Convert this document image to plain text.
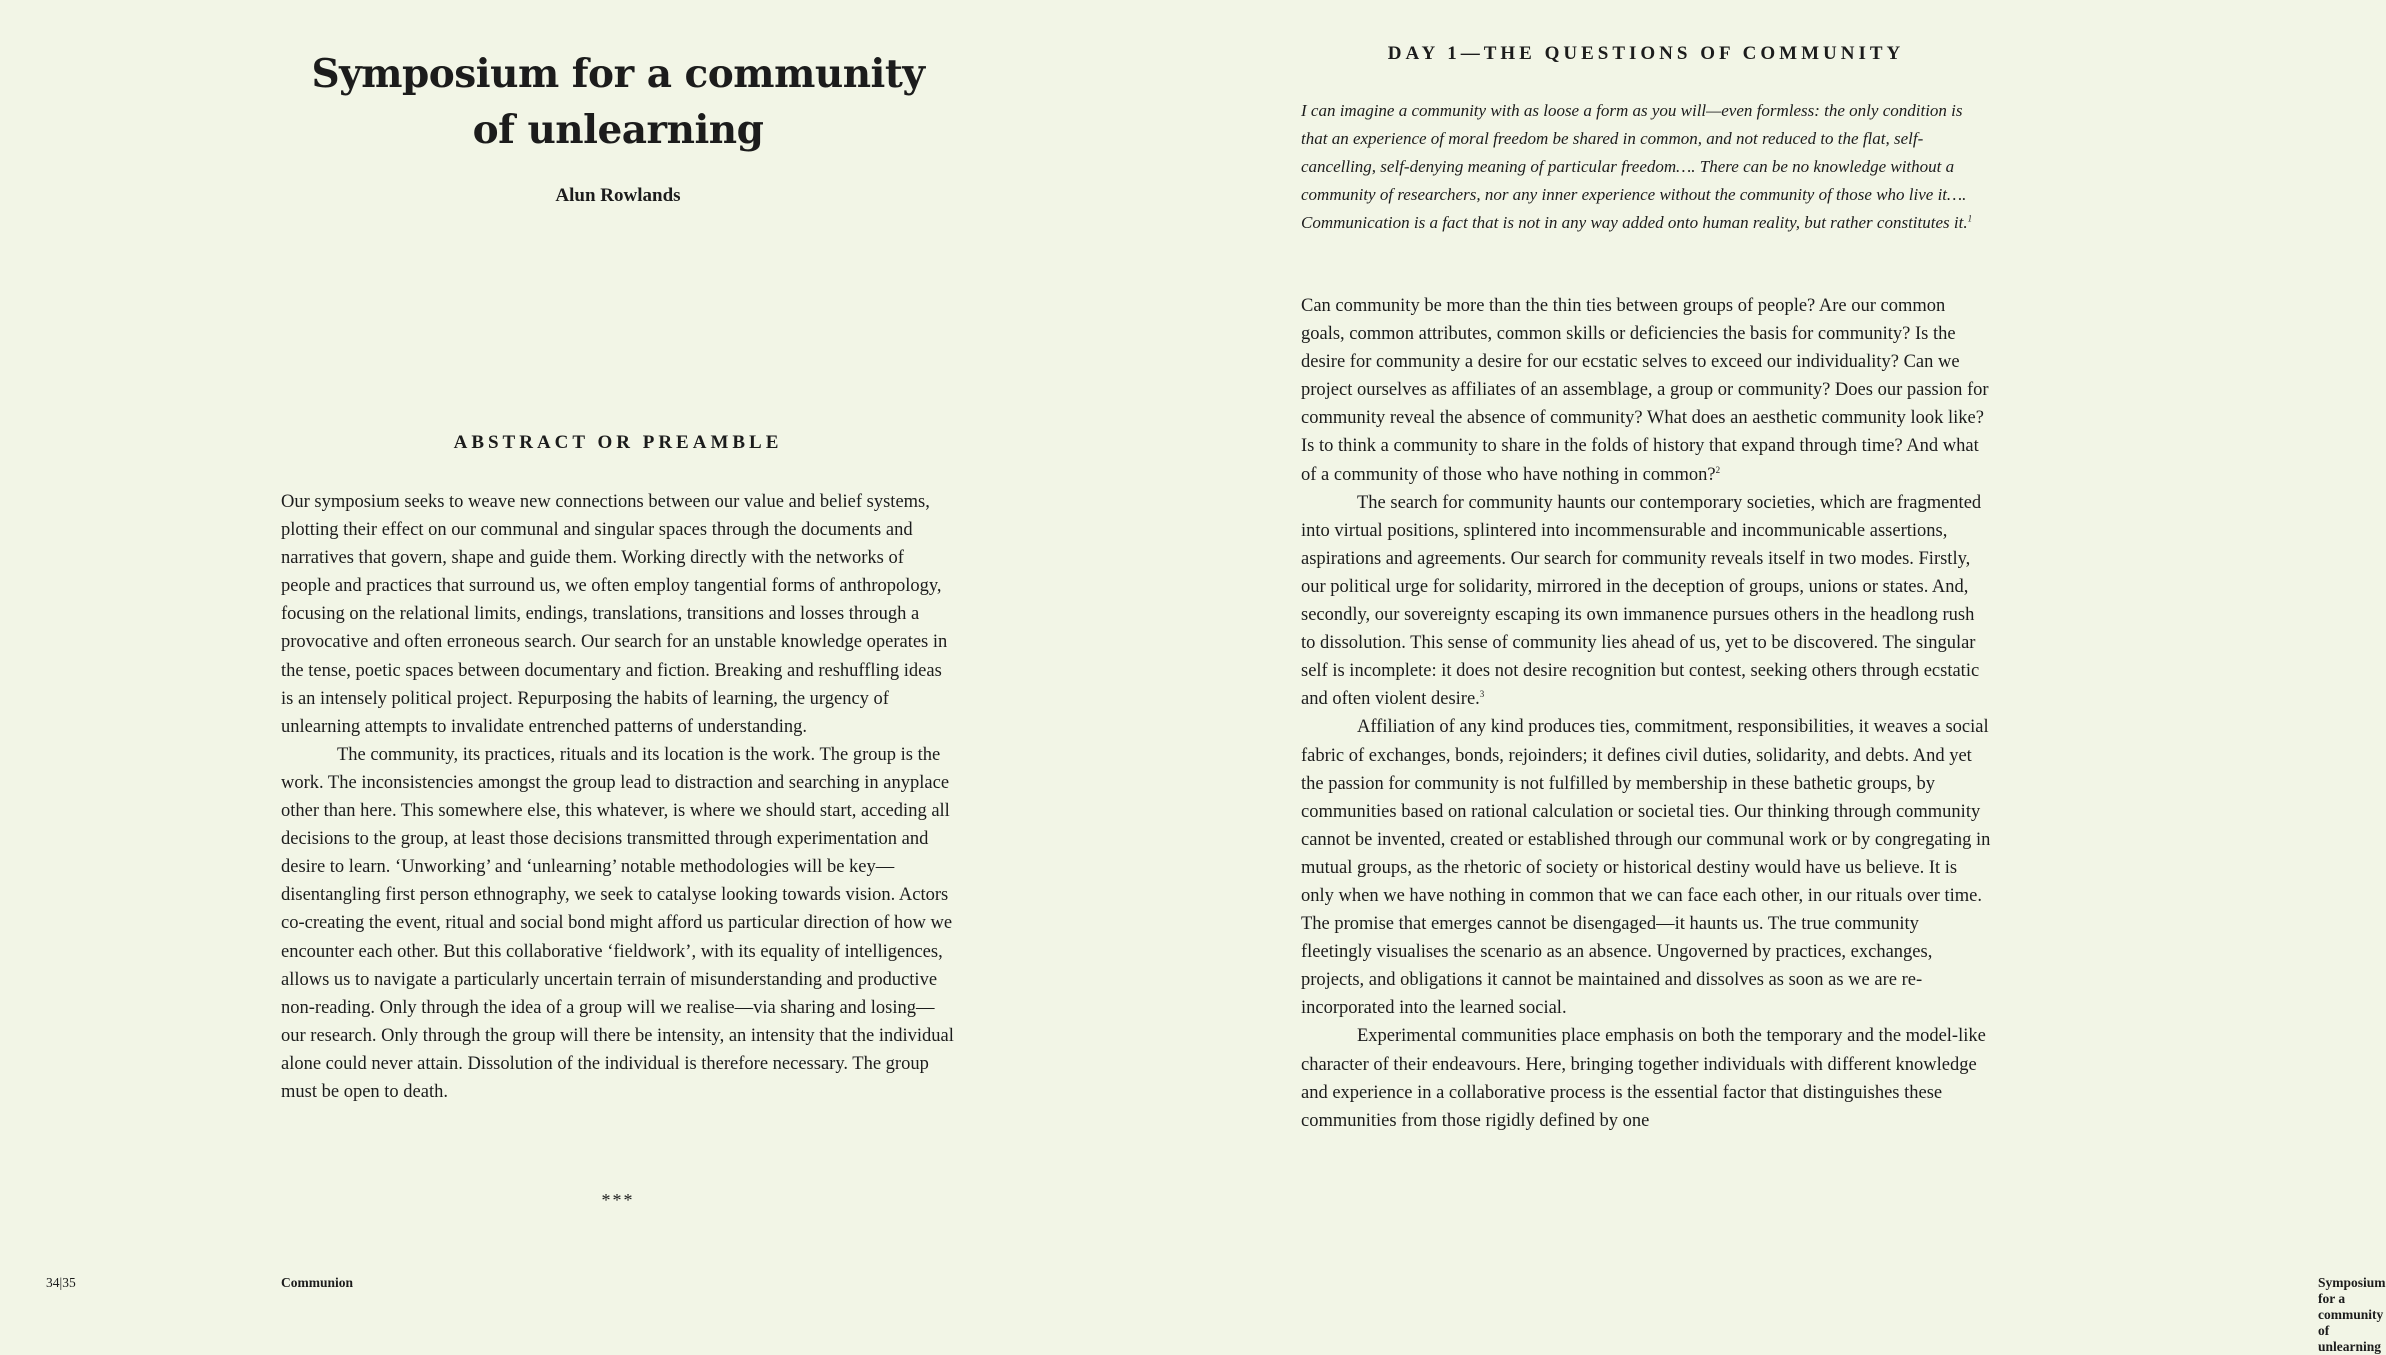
Symposium for a community
of unlearning
Alun Rowlands
ABSTRACT OR PREAMBLE

Our symposium seeks to weave new connections between our value and belief systems, plotting their effect on our communal and singular spaces through the documents and narratives that govern, shape and guide them. Working directly with the networks of people and practices that surround us, we often employ tangential forms of anthropology, focusing on the relational limits, endings, translations, transitions and losses through a provocative and often erroneous search. Our search for an unstable knowledge operates in the tense, poetic spaces between documentary and fiction. Breaking and reshuffling ideas is an intensely political project. Repurposing the habits of learning, the urgency of unlearning attempts to invalidate entrenched patterns of understanding.

The community, its practices, rituals and its location is the work. The group is the work. The inconsistencies amongst the group lead to distraction and searching in anyplace other than here. This somewhere else, this whatever, is where we should start, acceding all decisions to the group, at least those decisions transmitted through experimentation and desire to learn. ‘Unworking’ and ‘unlearning’ notable methodologies will be key—disentangling first person ethnography, we seek to catalyse looking towards vision. Actors co-creating the event, ritual and social bond might afford us particular direction of how we encounter each other. But this collaborative ‘fieldwork’, with its equality of intelligences, allows us to navigate a particularly uncertain terrain of misunderstanding and productive non-reading. Only through the idea of a group will we realise—via sharing and losing—our research. Only through the group will there be intensity, an intensity that the individual alone could never attain. Dissolution of the individual is therefore necessary. The group must be open to death.

***
34|35	Communion
DAY 1—THE QUESTIONS OF COMMUNITY

I can imagine a community with as loose a form as you will—even formless: the only condition is that an experience of moral freedom be shared in common, and not reduced to the flat, self-cancelling, self-denying meaning of particular freedom…. There can be no knowledge without a community of researchers, nor any inner experience without the community of those who live it…. Communication is a fact that is not in any way added onto human reality, but rather constitutes it.$^1$

Can community be more than the thin ties between groups of people? Are our common goals, common attributes, common skills or deficiencies the basis for community? Is the desire for community a desire for our ecstatic selves to exceed our individuality? Can we project ourselves as affiliates of an assemblage, a group or community? Does our passion for community reveal the absence of community? What does an aesthetic community look like? Is to think a community to share in the folds of history that expand through time? And what of a community of those who have nothing in common?$^2$

The search for community haunts our contemporary societies, which are fragmented into virtual positions, splintered into incommensurable and incommunicable assertions, aspirations and agreements. Our search for community reveals itself in two modes. Firstly, our political urge for solidarity, mirrored in the deception of groups, unions or states. And, secondly, our sovereignty escaping its own immanence pursues others in the headlong rush to dissolution. This sense of community lies ahead of us, yet to be discovered. The singular self is incomplete: it does not desire recognition but contest, seeking others through ecstatic and often violent desire.$^3$

Affiliation of any kind produces ties, commitment, responsibilities, it weaves a social fabric of exchanges, bonds, rejoinders; it defines civil duties, solidarity, and debts. And yet the passion for community is not fulfilled by membership in these bathetic groups, by communities based on rational calculation or societal ties. Our thinking through community cannot be invented, created or established through our communal work or by congregating in mutual groups, as the rhetoric of society or historical destiny would have us believe. It is only when we have nothing in common that we can face each other, in our rituals over time. The promise that emerges cannot be disengaged—it haunts us. The true community fleetingly visualises the scenario as an absence. Ungoverned by practices, exchanges, projects, and obligations it cannot be maintained and dissolves as soon as we are re-incorporated into the learned social.

Experimental communities place emphasis on both the temporary and the model-like character of their endeavours. Here, bringing together individuals with different knowledge and experience in a collaborative process is the essential factor that distinguishes these communities from those rigidly defined by one

Symposium for a community of unlearning
